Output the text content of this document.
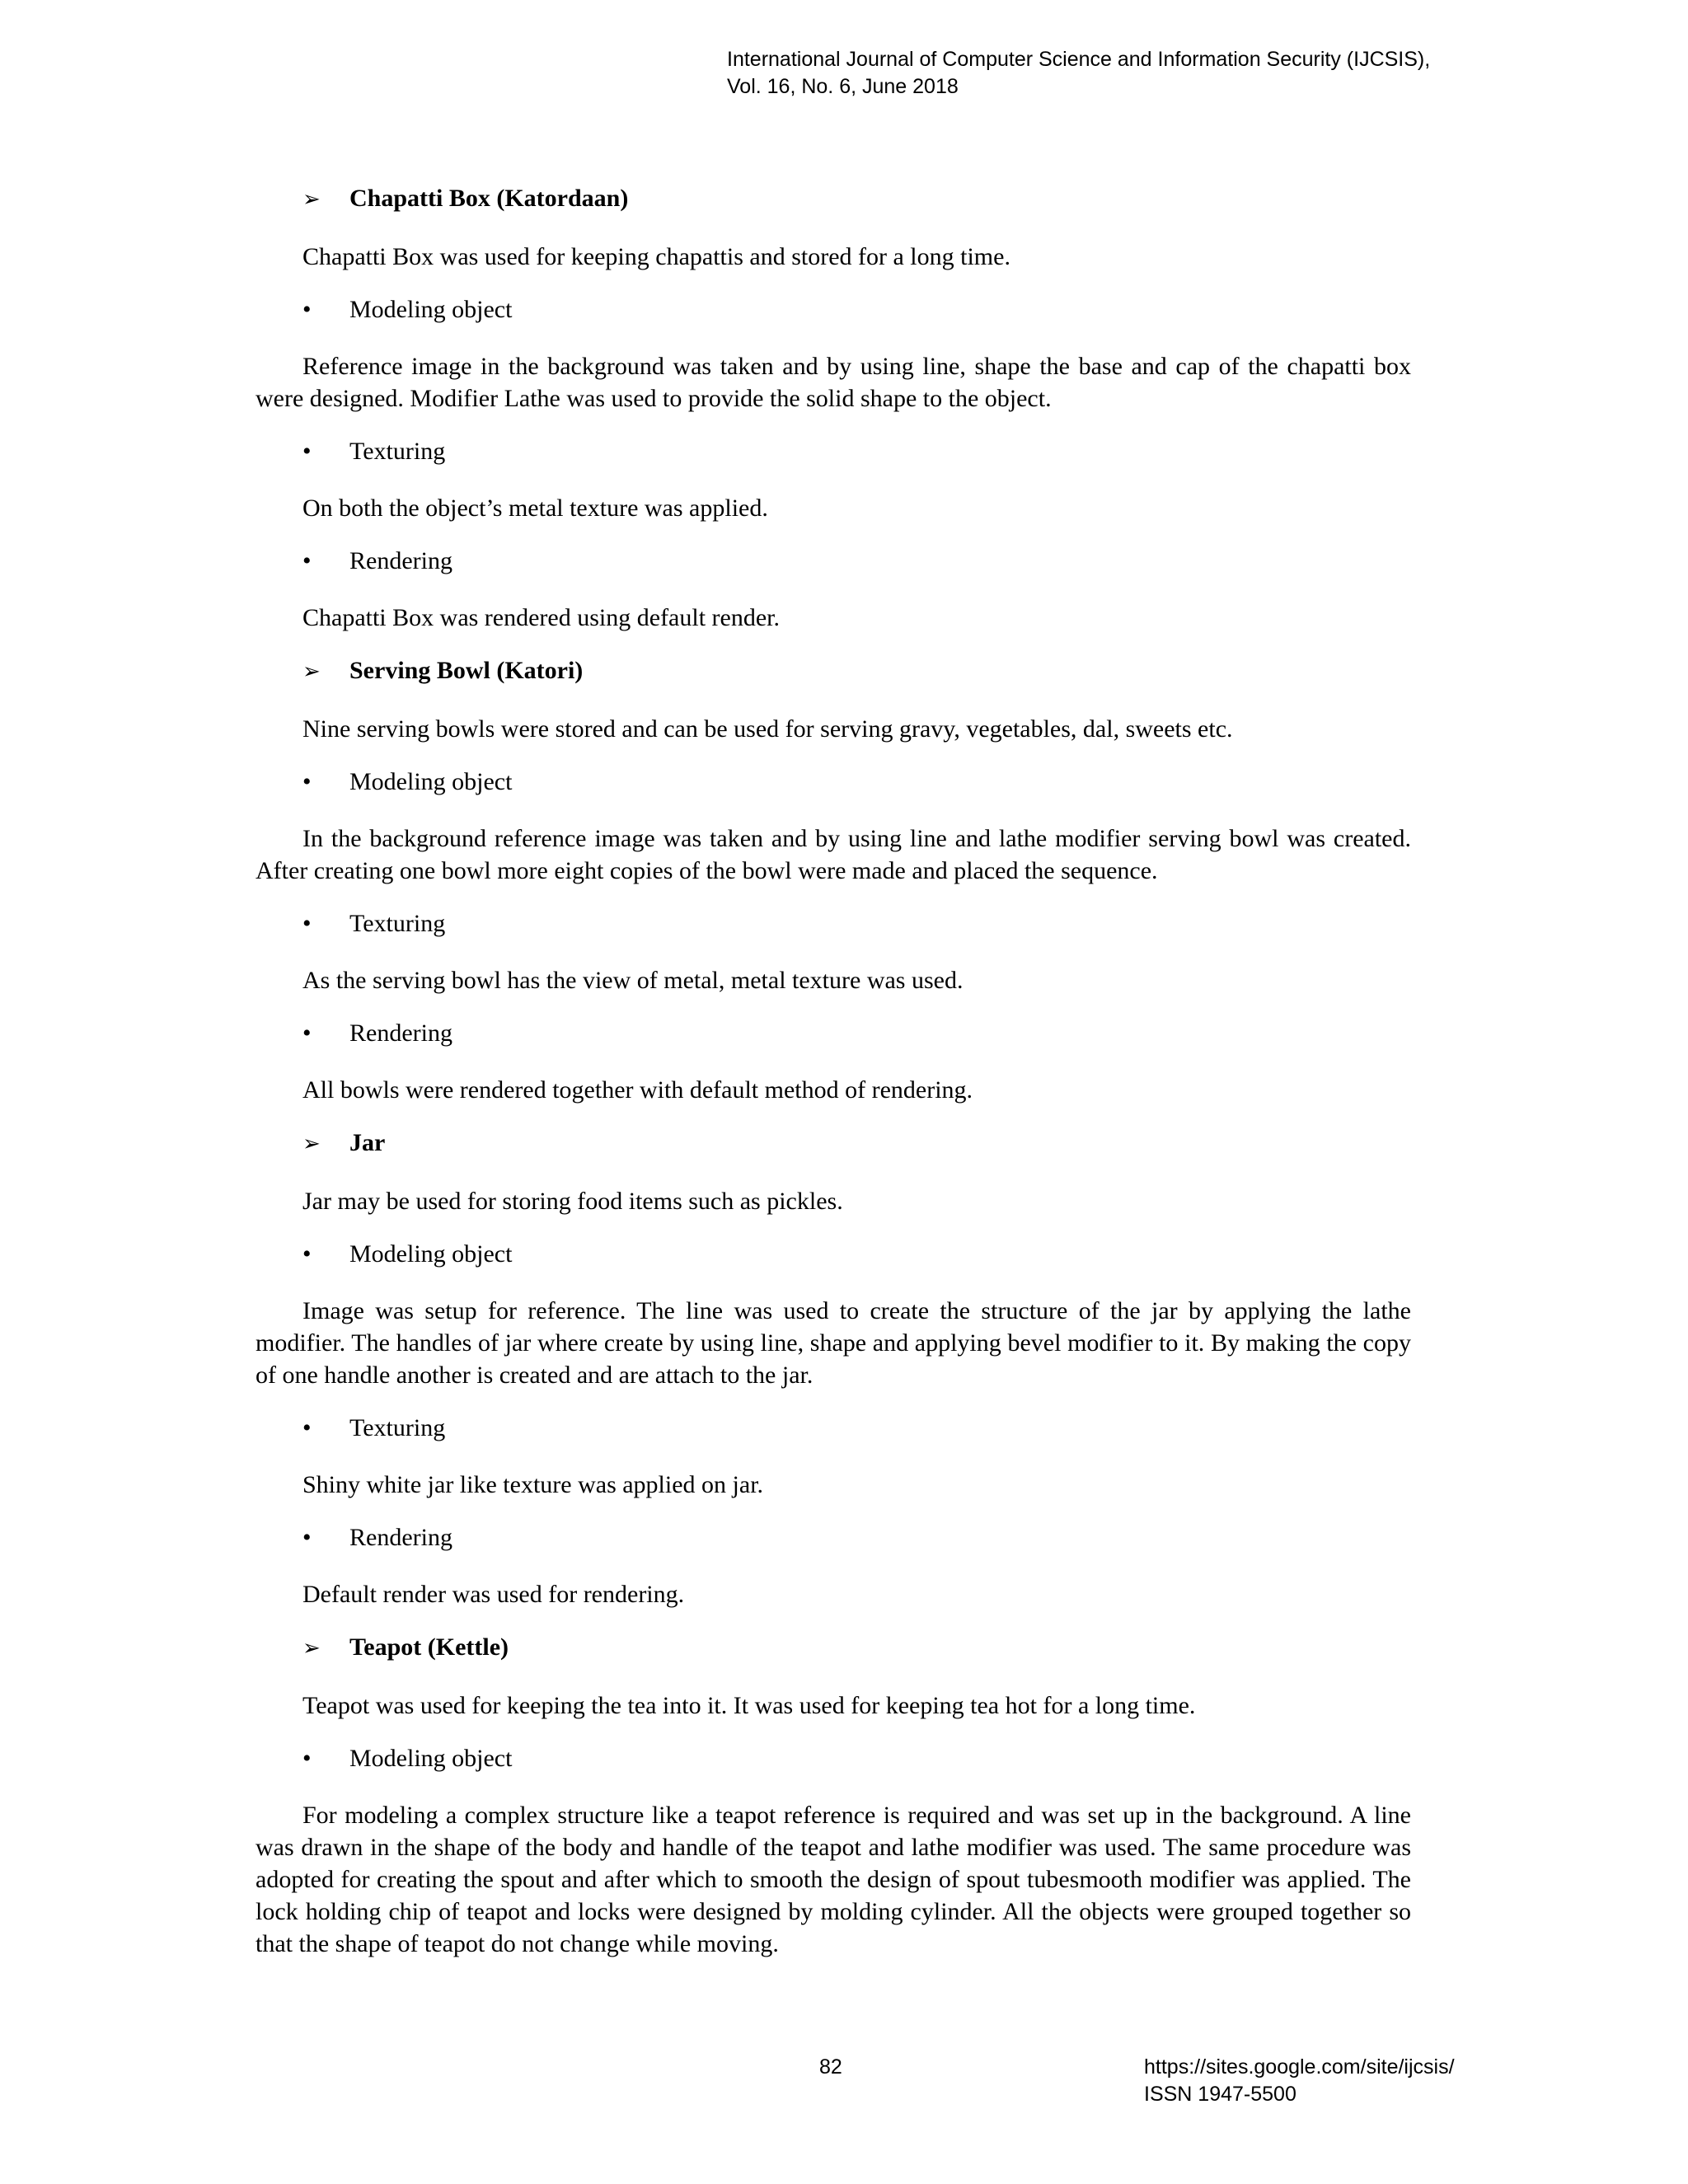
International Journal of Computer Science and Information Security (IJCSIS),
Vol. 16, No. 6, June 2018
➢	Chapatti Box (Katordaan)

Chapatti Box was used for keeping chapattis and stored for a long time.

•	Modeling object

Reference image in the background was taken and by using line, shape the base and cap of the chapatti box were designed. Modifier Lathe was used to provide the solid shape to the object.

•	Texturing

On both the object’s metal texture was applied.

•	Rendering

Chapatti Box was rendered using default render.

➢	Serving Bowl (Katori)

Nine serving bowls were stored and can be used for serving gravy, vegetables, dal, sweets etc.

•	Modeling object

In the background reference image was taken and by using line and lathe modifier serving bowl was created. After creating one bowl more eight copies of the bowl were made and placed the sequence.

•	Texturing

As the serving bowl has the view of metal, metal texture was used.

•	Rendering

All bowls were rendered together with default method of rendering.

➢	Jar

Jar may be used for storing food items such as pickles.

•	Modeling object

Image was setup for reference. The line was used to create the structure of the jar by applying the lathe modifier. The handles of jar where create by using line, shape and applying bevel modifier to it. By making the copy of one handle another is created and are attach to the jar.

•	Texturing

Shiny white jar like texture was applied on jar.

•	Rendering

Default render was used for rendering.

➢	Teapot (Kettle)

Teapot was used for keeping the tea into it. It was used for keeping tea hot for a long time.

•	Modeling object

For modeling a complex structure like a teapot reference is required and was set up in the background. A line was drawn in the shape of the body and handle of the teapot and lathe modifier was used. The same procedure was adopted for creating the spout and after which to smooth the design of spout tubesmooth modifier was applied. The lock holding chip of teapot and locks were designed by molding cylinder. All the objects were grouped together so that the shape of teapot do not change while moving.

82	https://sites.google.com/site/ijcsis/
ISSN 1947-5500
